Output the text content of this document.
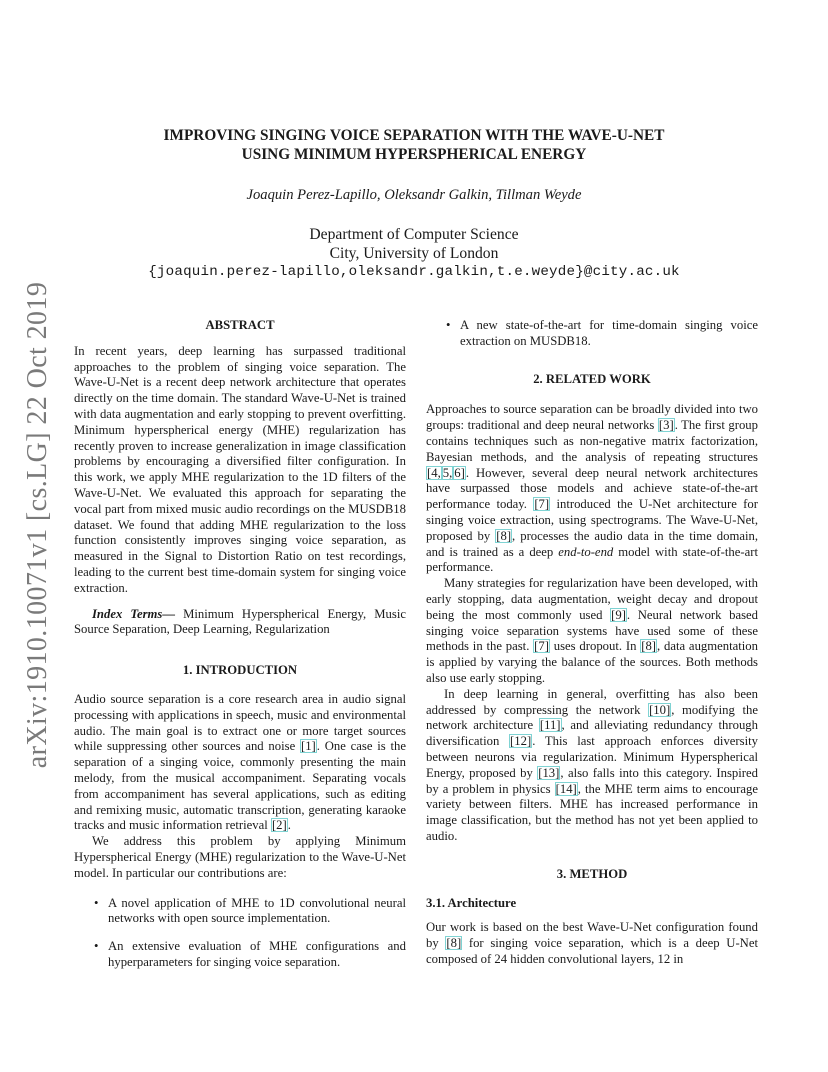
arXiv:1910.10071v1 [cs.LG] 22 Oct 2019
IMPROVING SINGING VOICE SEPARATION WITH THE WAVE-U-NET
USING MINIMUM HYPERSPHERICAL ENERGY
Joaquin Perez-Lapillo, Oleksandr Galkin, Tillman Weyde
Department of Computer Science
City, University of London
{joaquin.perez-lapillo,oleksandr.galkin,t.e.weyde}@city.ac.uk

ABSTRACT

In recent years, deep learning has surpassed traditional approaches to the problem of singing voice separation. The Wave-U-Net is a recent deep network architecture that operates directly on the time domain. The standard Wave-U-Net is trained with data augmentation and early stopping to prevent overfitting. Minimum hyperspherical energy (MHE) regularization has recently proven to increase generalization in image classification problems by encouraging a diversified filter configuration. In this work, we apply MHE regularization to the 1D filters of the Wave-U-Net. We evaluated this approach for separating the vocal part from mixed music audio recordings on the MUSDB18 dataset. We found that adding MHE regularization to the loss function consistently improves singing voice separation, as measured in the Signal to Distortion Ratio on test recordings, leading to the current best time-domain system for singing voice extraction.

Index Terms— Minimum Hyperspherical Energy, Music Source Separation, Deep Learning, Regularization

1. INTRODUCTION

Audio source separation is a core research area in audio signal processing with applications in speech, music and environmental audio. The main goal is to extract one or more target sources while suppressing other sources and noise [1]. One case is the separation of a singing voice, commonly presenting the main melody, from the musical accompaniment. Separating vocals from accompaniment has several applications, such as editing and remixing music, automatic transcription, generating karaoke tracks and music information retrieval [2].

We address this problem by applying Minimum Hyperspherical Energy (MHE) regularization to the Wave-U-Net model. In particular our contributions are:

• A novel application of MHE to 1D convolutional neural networks with open source implementation.
• An extensive evaluation of MHE configurations and hyperparameters for singing voice separation.
• A new state-of-the-art for time-domain singing voice extraction on MUSDB18.

2. RELATED WORK

Approaches to source separation can be broadly divided into two groups: traditional and deep neural networks [3]. The first group contains techniques such as non-negative matrix factorization, Bayesian methods, and the analysis of repeating structures [4, 5, 6]. However, several deep neural network architectures have surpassed those models and achieve state-of-the-art performance today. [7] introduced the U-Net architecture for singing voice extraction, using spectrograms. The Wave-U-Net, proposed by [8], processes the audio data in the time domain, and is trained as a deep end-to-end model with state-of-the-art performance.

Many strategies for regularization have been developed, with early stopping, data augmentation, weight decay and dropout being the most commonly used [9]. Neural network based singing voice separation systems have used some of these methods in the past. [7] uses dropout. In [8], data augmentation is applied by varying the balance of the sources. Both methods also use early stopping.

In deep learning in general, overfitting has also been addressed by compressing the network [10], modifying the network architecture [11], and alleviating redundancy through diversification [12]. This last approach enforces diversity between neurons via regularization. Minimum Hyperspherical Energy, proposed by [13], also falls into this category. Inspired by a problem in physics [14], the MHE term aims to encourage variety between filters. MHE has increased performance in image classification, but the method has not yet been applied to audio.

3. METHOD

3.1. Architecture

Our work is based on the best Wave-U-Net configuration found by [8] for singing voice separation, which is a deep U-Net composed of 24 hidden convolutional layers, 12 in
